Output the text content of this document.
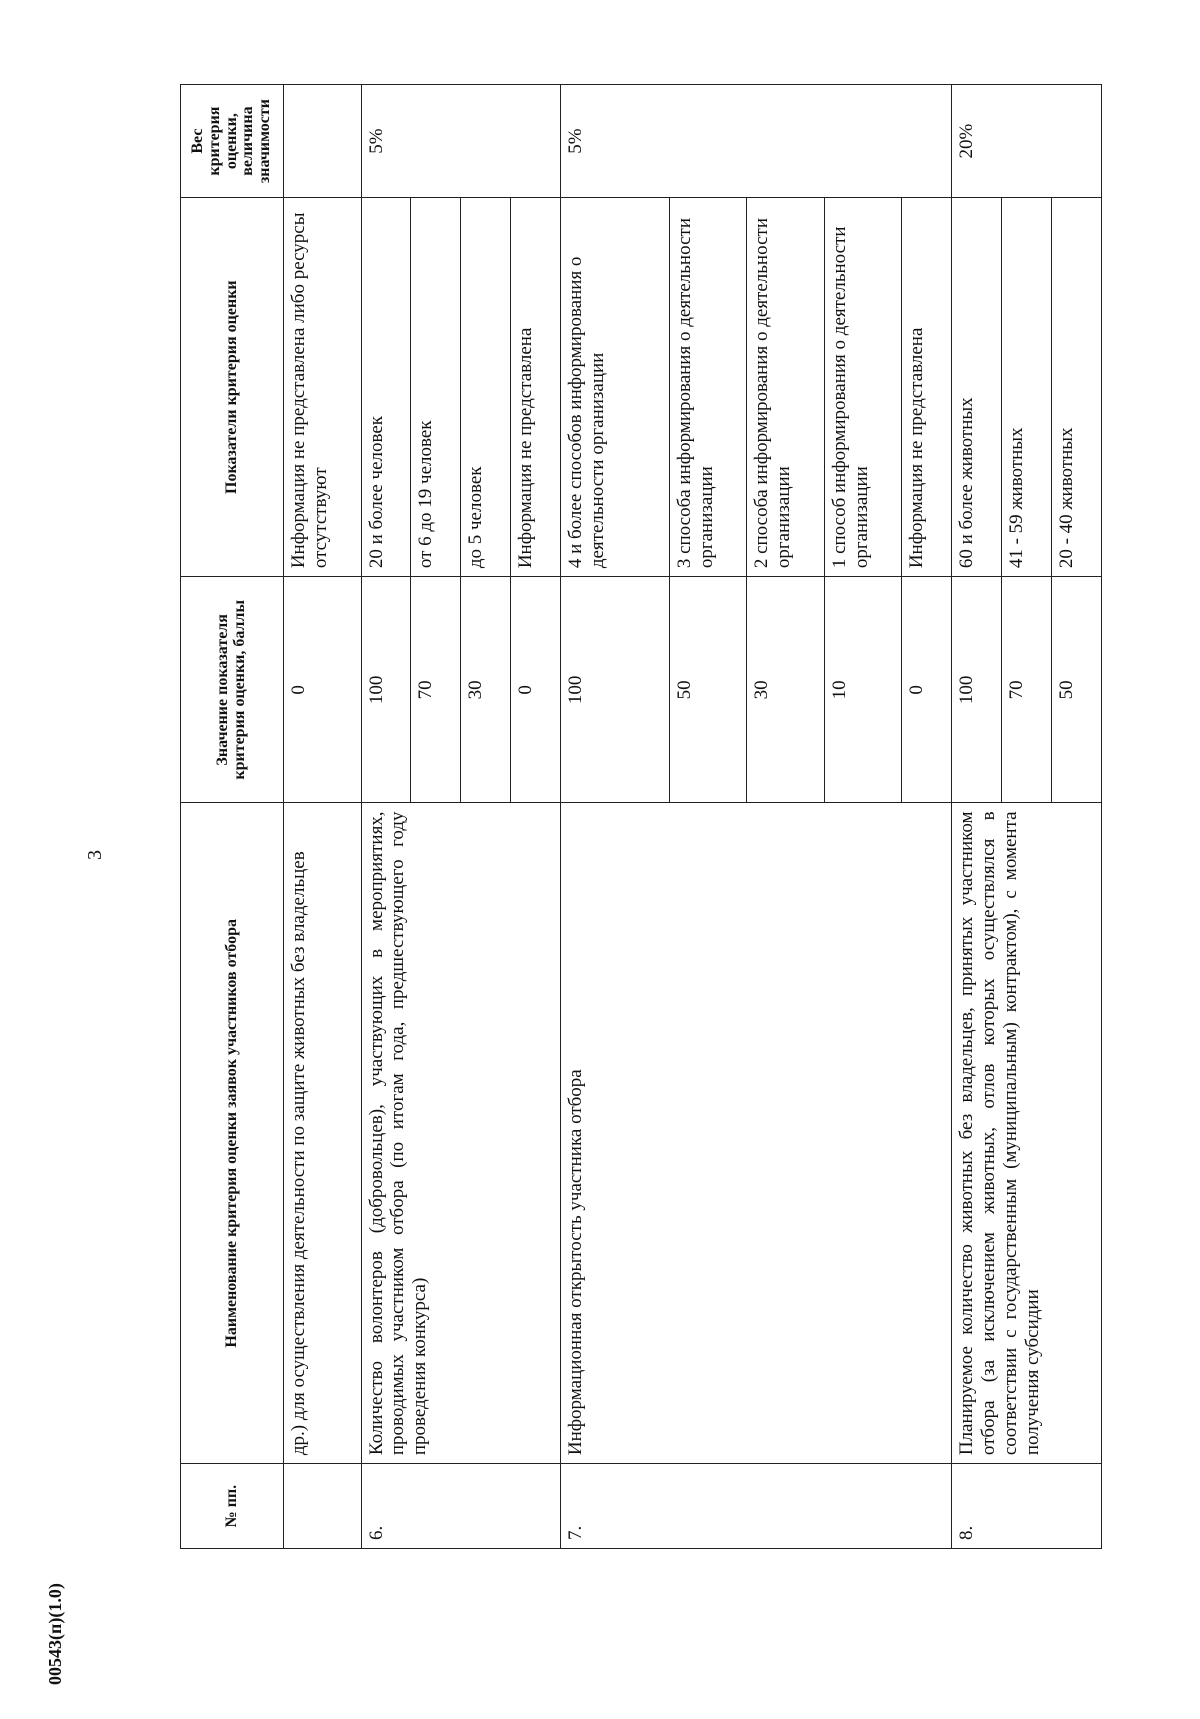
3
№ пп.	Наименование критерия оценки заявок участников отбора	Значение показателя критерия оценки, баллы	Показатели критерия оценки	Вес критерия оценки, величина значимости
	др.) для осуществления деятельности по защите животных без владельцев	0	Информация не представлена либо ресурсы отсутствуют	
6.	Количество волонтеров (добровольцев), участвующих в мероприятиях, проводимых участником отбора (по итогам года, предшествующего году проведения конкурса)	100	20 и более человек	5%
		70	от 6 до 19 человек	
		30	до 5 человек	
		0	Информация не представлена	
7.	Информационная открытость участника отбора	100	4 и более способов информирования о деятельности организации	5%
		50	3 способа информирования о деятельности организации	
		30	2 способа информирования о деятельности организации	
		10	1 способ информирования о деятельности организации	
		0	Информация не представлена	
8.	Планируемое количество животных без владельцев, принятых участником отбора (за исключением животных, отлов которых осуществлялся в соответствии с государственным (муниципальным) контрактом), с момента получения субсидии	100	60 и более животных	20%
		70	41 - 59 животных	
		50	20 - 40 животных	
00543(п)(1.0)
